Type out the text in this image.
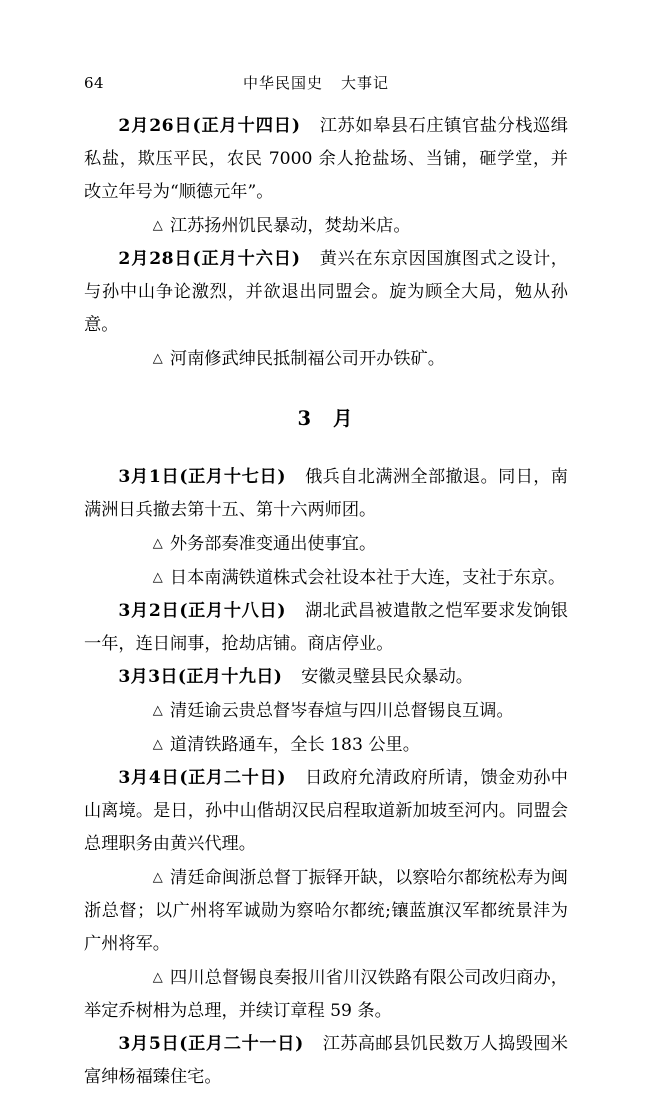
64	中华民国史 大事记

2月26日(正月十四日) 江苏如皋县石庄镇官盐分栈巡缉私盐，欺压平民，农民 7000 余人抢盐场、当铺，砸学堂，并改立年号为“顺德元年”。

△ 江苏扬州饥民暴动，焚劫米店。

2月28日(正月十六日) 黄兴在东京因国旗图式之设计，与孙中山争论激烈，并欲退出同盟会。旋为顾全大局，勉从孙意。

△ 河南修武绅民抵制福公司开办铁矿。

3 月

3月1日(正月十七日) 俄兵自北满洲全部撤退。同日，南满洲日兵撤去第十五、第十六两师团。

△ 外务部奏准变通出使事宜。

△ 日本南满铁道株式会社设本社于大连，支社于东京。

3月2日(正月十八日) 湖北武昌被遣散之恺军要求发饷银一年，连日闹事，抢劫店铺。商店停业。

3月3日(正月十九日) 安徽灵璧县民众暴动。

△ 清廷谕云贵总督岑春煊与四川总督锡良互调。

△ 道清铁路通车，全长 183 公里。

3月4日(正月二十日) 日政府允清政府所请，馈金劝孙中山离境。是日，孙中山偕胡汉民启程取道新加坡至河内。同盟会总理职务由黄兴代理。

△ 清廷命闽浙总督丁振铎开缺，以察哈尔都统松寿为闽浙总督；以广州将军诚勋为察哈尔都统;镶蓝旗汉军都统景沣为广州将军。

△ 四川总督锡良奏报川省川汉铁路有限公司改归商办，举定乔树枏为总理，并续订章程 59 条。

3月5日(正月二十一日) 江苏高邮县饥民数万人捣毁囤米富绅杨福臻住宅。
